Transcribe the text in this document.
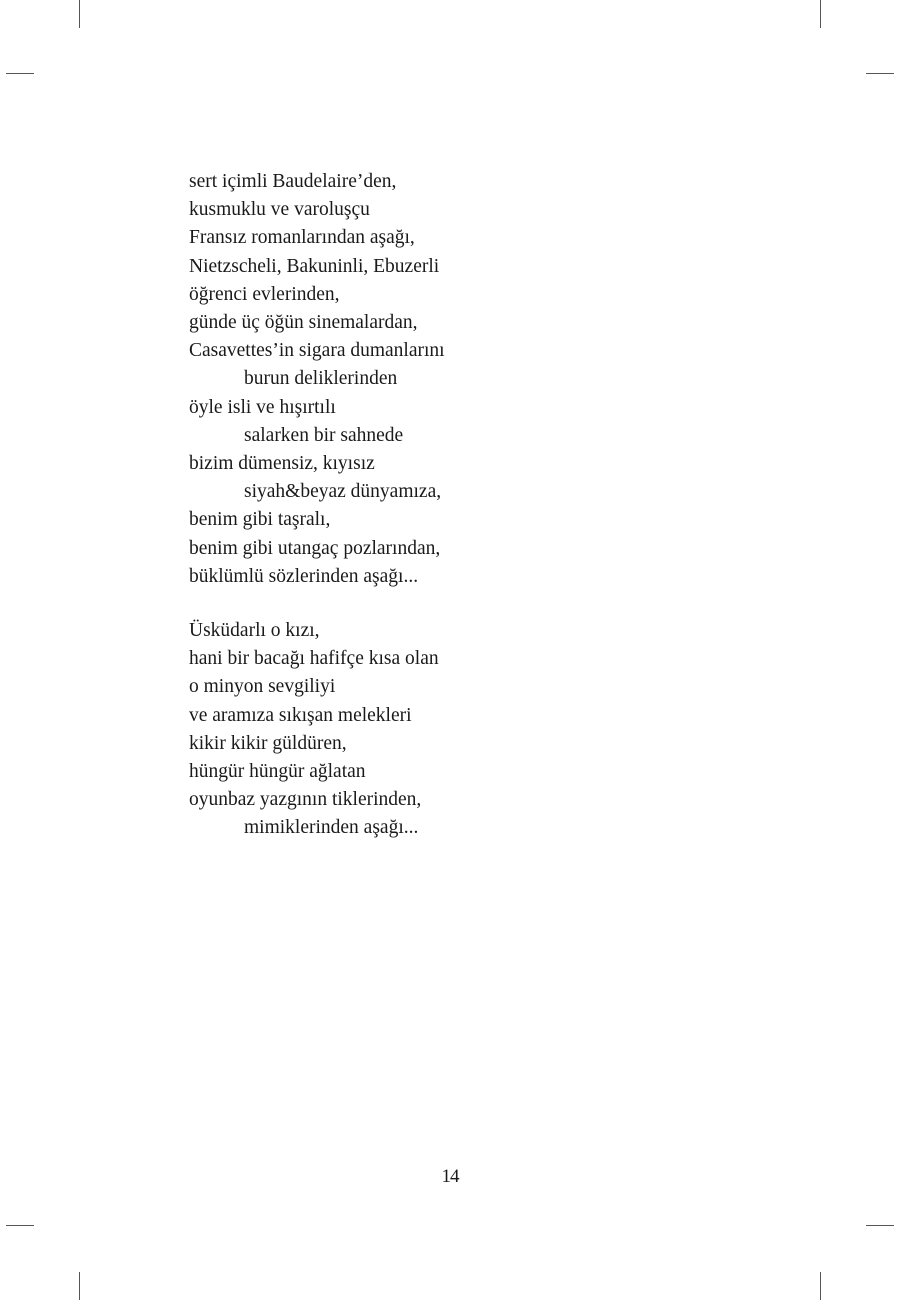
sert içimli Baudelaire’den,
kusmuklu ve varoluşçu
Fransız romanlarından aşağı,
Nietzscheli, Bakuninli, Ebuzerli
öğrenci evlerinden,
günde üç öğün sinemalardan,
Casavettes’in sigara dumanlarını
burun deliklerinden
öyle isli ve hışırtılı
salarken bir sahnede
bizim dümensiz, kıyısız
siyah&beyaz dünyamıza,
benim gibi taşralı,
benim gibi utangaç pozlarından,
büklümlü sözlerinden aşağı...
Üsküdarlı o kızı,
hani bir bacağı hafifçe kısa olan
o minyon sevgiliyi
ve aramıza sıkışan melekleri
kikir kikir güldüren,
hüngür hüngür ağlatan
oyunbaz yazgının tiklerinden,
mimiklerinden aşağı...
14
